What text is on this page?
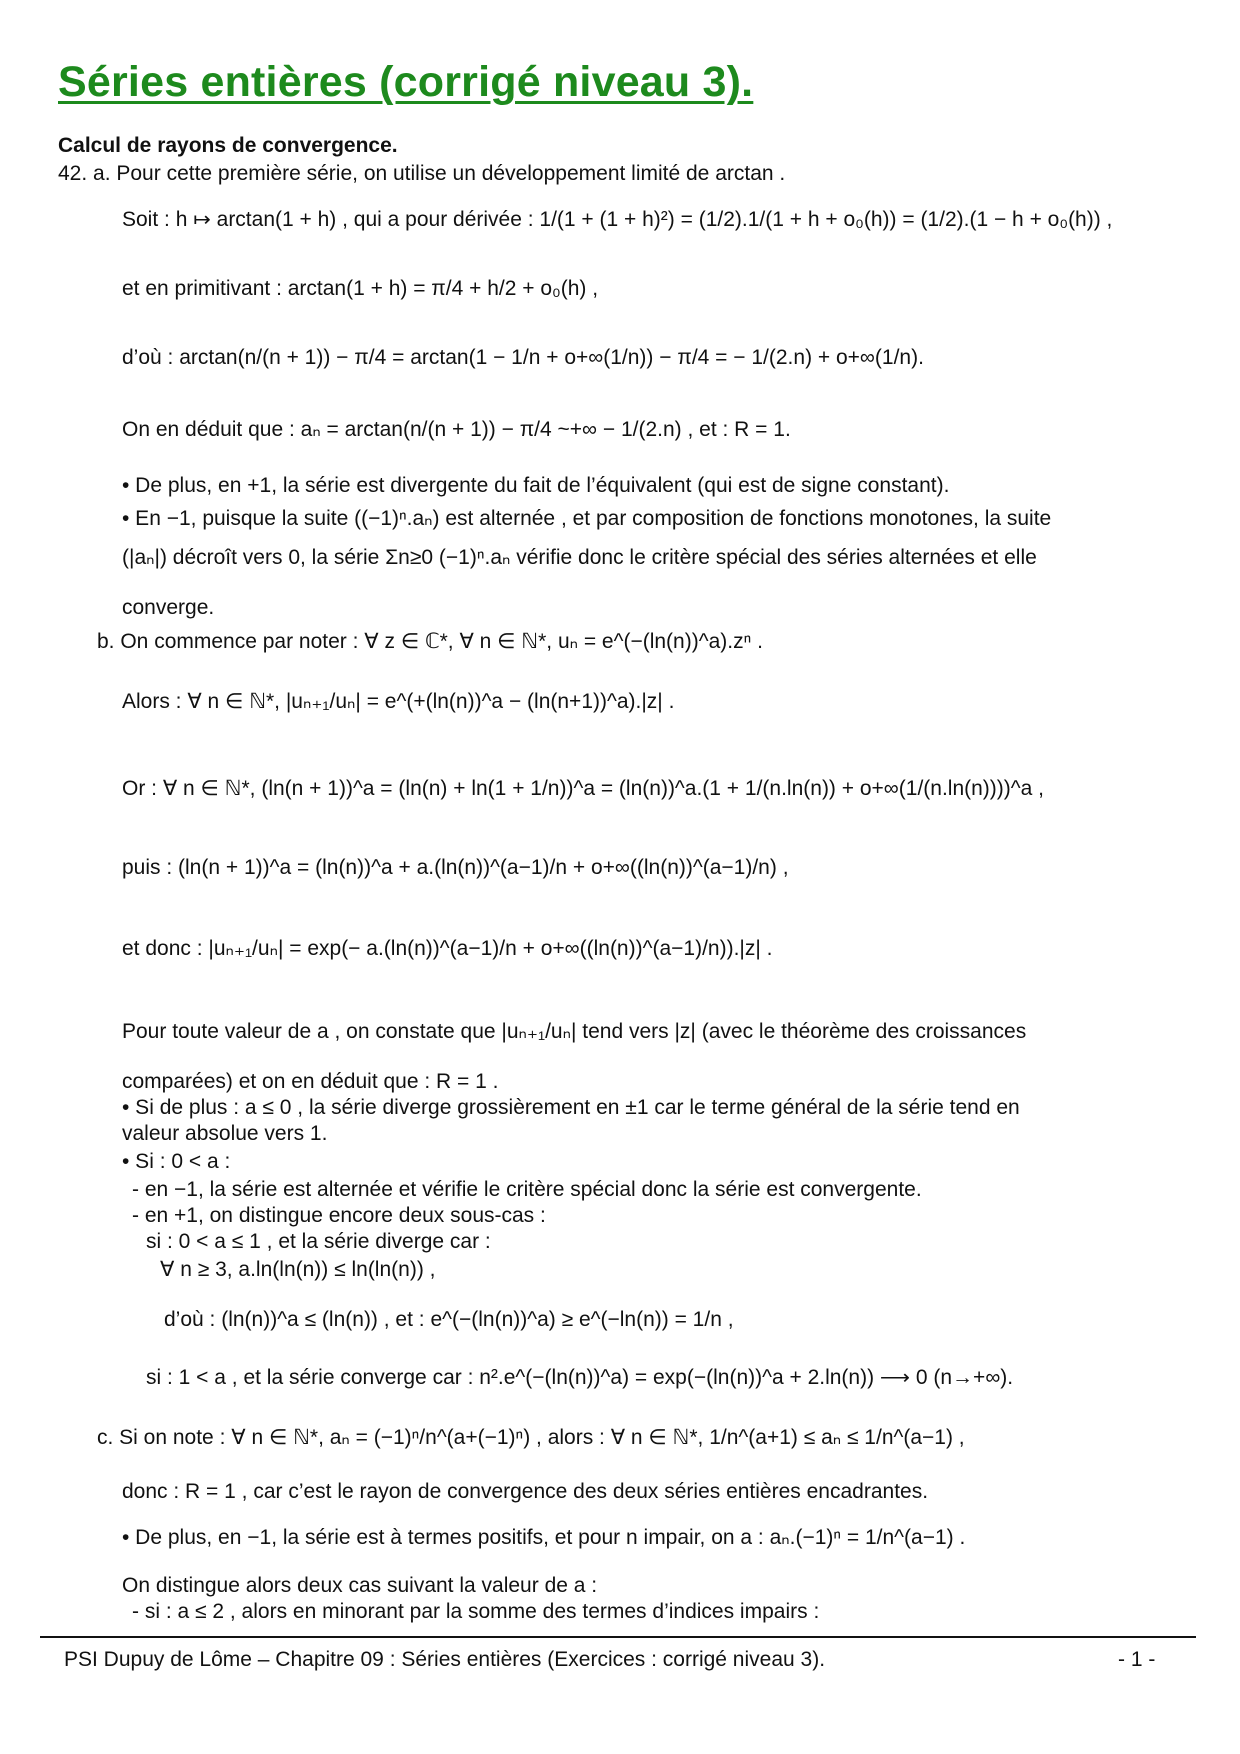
Séries entières (corrigé niveau 3).
Calcul de rayons de convergence.
42. a. Pour cette première série, on utilise un développement limité de arctan .
Soit : h ↦ arctan(1 + h) , qui a pour dérivée : 1/(1 + (1 + h)²) = (1/2).1/(1 + h + o₀(h)) = (1/2).(1 − h + o₀(h)) ,
et en primitivant : arctan(1 + h) = π/4 + h/2 + o₀(h) ,
d’où : arctan(n/(n + 1)) − π/4 = arctan(1 − 1/n + o+∞(1/n)) − π/4 = − 1/(2.n) + o+∞(1/n).
On en déduit que : aₙ = arctan(n/(n + 1)) − π/4 ~+∞ − 1/(2.n) , et : R = 1.
• De plus, en +1, la série est divergente du fait de l’équivalent (qui est de signe constant).
• En −1, puisque la suite ((−1)ⁿ.aₙ) est alternée , et par composition de fonctions monotones, la suite
(|aₙ|) décroît vers 0, la série Σn≥0 (−1)ⁿ.aₙ vérifie donc le critère spécial des séries alternées et elle
converge.
b. On commence par noter : ∀ z ∈ ℂ*, ∀ n ∈ ℕ*, uₙ = e^(−(ln(n))^a).zⁿ .
Alors : ∀ n ∈ ℕ*, |uₙ₊₁/uₙ| = e^(+(ln(n))^a − (ln(n+1))^a).|z| .
Or : ∀ n ∈ ℕ*, (ln(n + 1))^a = (ln(n) + ln(1 + 1/n))^a = (ln(n))^a.(1 + 1/(n.ln(n)) + o+∞(1/(n.ln(n))))^a ,
puis : (ln(n + 1))^a = (ln(n))^a + a.(ln(n))^(a−1)/n + o+∞((ln(n))^(a−1)/n) ,
et donc : |uₙ₊₁/uₙ| = exp(− a.(ln(n))^(a−1)/n + o+∞((ln(n))^(a−1)/n)).|z| .
Pour toute valeur de a , on constate que |uₙ₊₁/uₙ| tend vers |z| (avec le théorème des croissances
comparées) et on en déduit que : R = 1 .
• Si de plus : a ≤ 0 , la série diverge grossièrement en ±1 car le terme général de la série tend en
valeur absolue vers 1.
• Si : 0 < a :
- en −1, la série est alternée et vérifie le critère spécial donc la série est convergente.
- en +1, on distingue encore deux sous-cas :
si : 0 < a ≤ 1 , et la série diverge car :
∀ n ≥ 3, a.ln(ln(n)) ≤ ln(ln(n)) ,
d’où : (ln(n))^a ≤ (ln(n)) , et : e^(−(ln(n))^a) ≥ e^(−ln(n)) = 1/n ,
si : 1 < a , et la série converge car : n².e^(−(ln(n))^a) = exp(−(ln(n))^a + 2.ln(n)) ⟶ 0 (n→+∞).
c. Si on note : ∀ n ∈ ℕ*, aₙ = (−1)ⁿ/n^(a+(−1)ⁿ) , alors : ∀ n ∈ ℕ*, 1/n^(a+1) ≤ aₙ ≤ 1/n^(a−1) ,
donc : R = 1 , car c’est le rayon de convergence des deux séries entières encadrantes.
• De plus, en −1, la série est à termes positifs, et pour n impair, on a : aₙ.(−1)ⁿ = 1/n^(a−1) .
On distingue alors deux cas suivant la valeur de a :
- si : a ≤ 2 , alors en minorant par la somme des termes d’indices impairs :
PSI Dupuy de Lôme – Chapitre 09 : Séries entières (Exercices : corrigé niveau 3).	- 1 -
